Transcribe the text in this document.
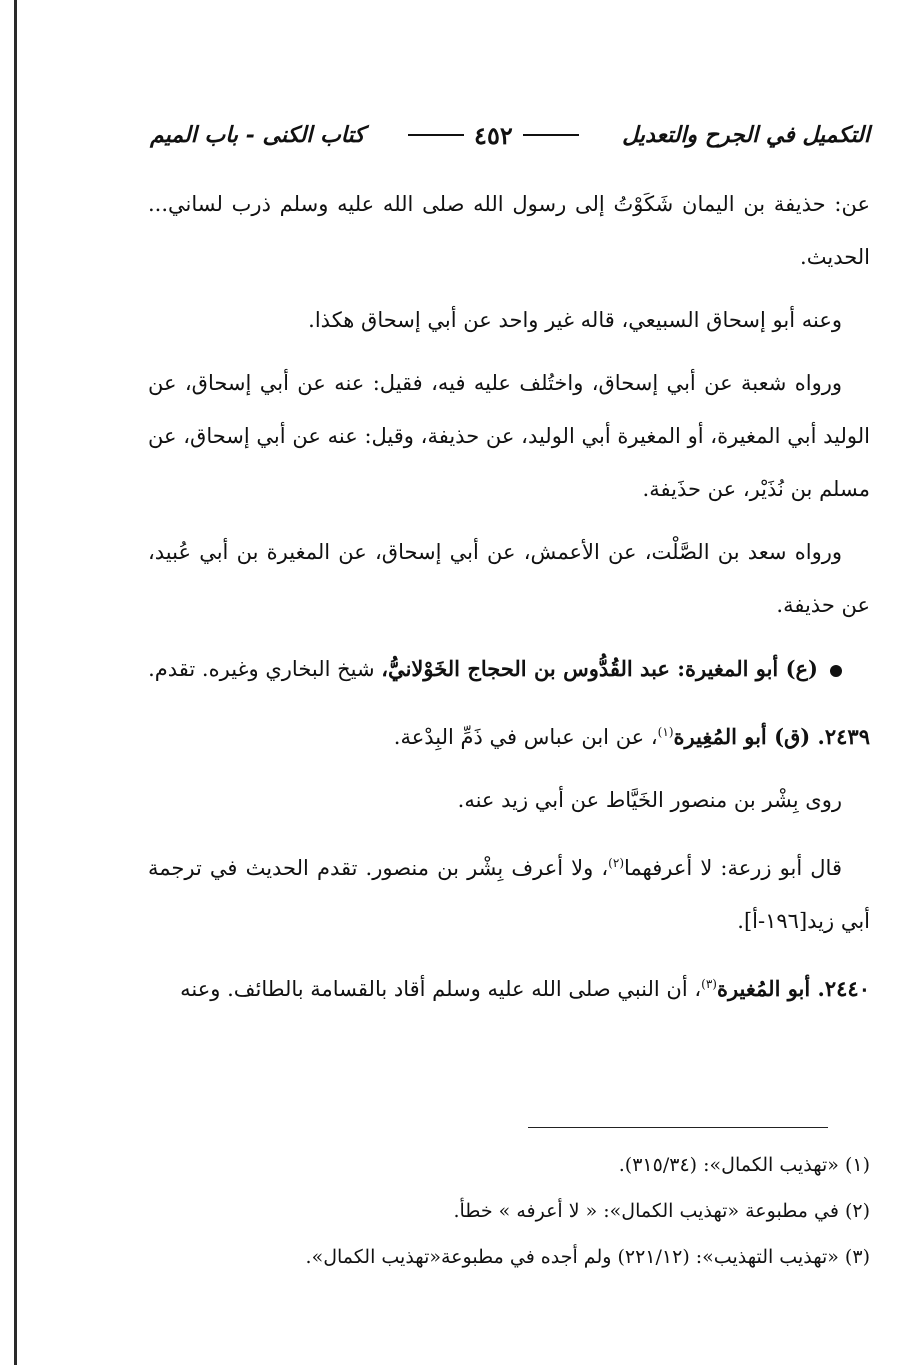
التكميل في الجرح والتعديل
٤٥٢
كتاب الكنى - باب الميم

عن: حذيفة بن اليمان شَكَوْتُ إلى رسول الله صلى الله عليه وسلم ذرب لساني... الحديث.

وعنه أبو إسحاق السبيعي، قاله غير واحد عن أبي إسحاق هكذا.

ورواه شعبة عن أبي إسحاق، واختُلف عليه فيه، فقيل: عنه عن أبي إسحاق، عن الوليد أبي المغيرة، أو المغيرة أبي الوليد، عن حذيفة، وقيل: عنه عن أبي إسحاق، عن مسلم بن نُذَيْر، عن حذَيفة.

ورواه سعد بن الصَّلْت، عن الأعمش، عن أبي إسحاق، عن المغيرة بن أبي عُبيد، عن حذيفة.

(ع) أبو المغيرة: عبد القُدُّوس بن الحجاج الخَوْلانيُّ، شيخ البخاري وغيره. تقدم.

٢٤٣٩. (ق) أبو المُغِيرة$^{(١)}$، عن ابن عباس في ذَمِّ البِدْعة.

روى بِشْر بن منصور الخَيَّاط عن أبي زيد عنه.

قال أبو زرعة: لا أعرفهما$^{(٢)}$، ولا أعرف بِشْر بن منصور. تقدم الحديث في ترجمة أبي زيد[١٩٦-أ].

٢٤٤٠. أبو المُغيرة$^{(٣)}$، أن النبي صلى الله عليه وسلم أقاد بالقسامة بالطائف. وعنه

(١) «تهذيب الكمال»: (٣١٥/٣٤).
(٢) في مطبوعة «تهذيب الكمال»: « لا أعرفه » خطأ.
(٣) «تهذيب التهذيب»: (٢٢١/١٢) ولم أجده في مطبوعة«تهذيب الكمال».
